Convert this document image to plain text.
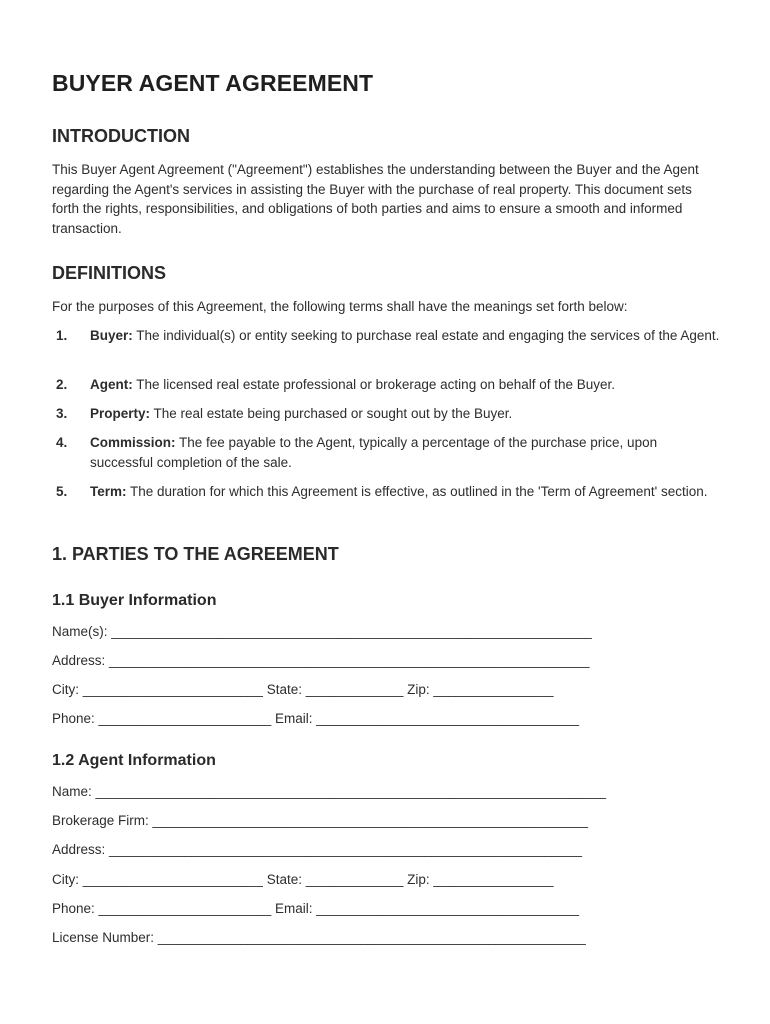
BUYER AGENT AGREEMENT
INTRODUCTION

This Buyer Agent Agreement ("Agreement") establishes the understanding between the Buyer and the Agent regarding the Agent's services in assisting the Buyer with the purchase of real property. This document sets forth the rights, responsibilities, and obligations of both parties and aims to ensure a smooth and informed transaction.

DEFINITIONS

For the purposes of this Agreement, the following terms shall have the meanings set forth below:

1. Buyer: The individual(s) or entity seeking to purchase real estate and engaging the services of the Agent.
2. Agent: The licensed real estate professional or brokerage acting on behalf of the Buyer.
3. Property: The real estate being purchased or sought out by the Buyer.
4. Commission: The fee payable to the Agent, typically a percentage of the purchase price, upon successful completion of the sale.
5. Term: The duration for which this Agreement is effective, as outlined in the 'Term of Agreement' section.
1. PARTIES TO THE AGREEMENT
1.1 Buyer Information
Name(s): ________________________________________________________________
Address: ________________________________________________________________
City: ________________________ State: _____________ Zip: ________________
Phone: _______________________ Email: ___________________________________
1.2 Agent Information
Name: ____________________________________________________________________
Brokerage Firm: __________________________________________________________
Address: _______________________________________________________________
City: ________________________ State: _____________ Zip: ________________
Phone: _______________________ Email: ___________________________________
License Number: _________________________________________________________
